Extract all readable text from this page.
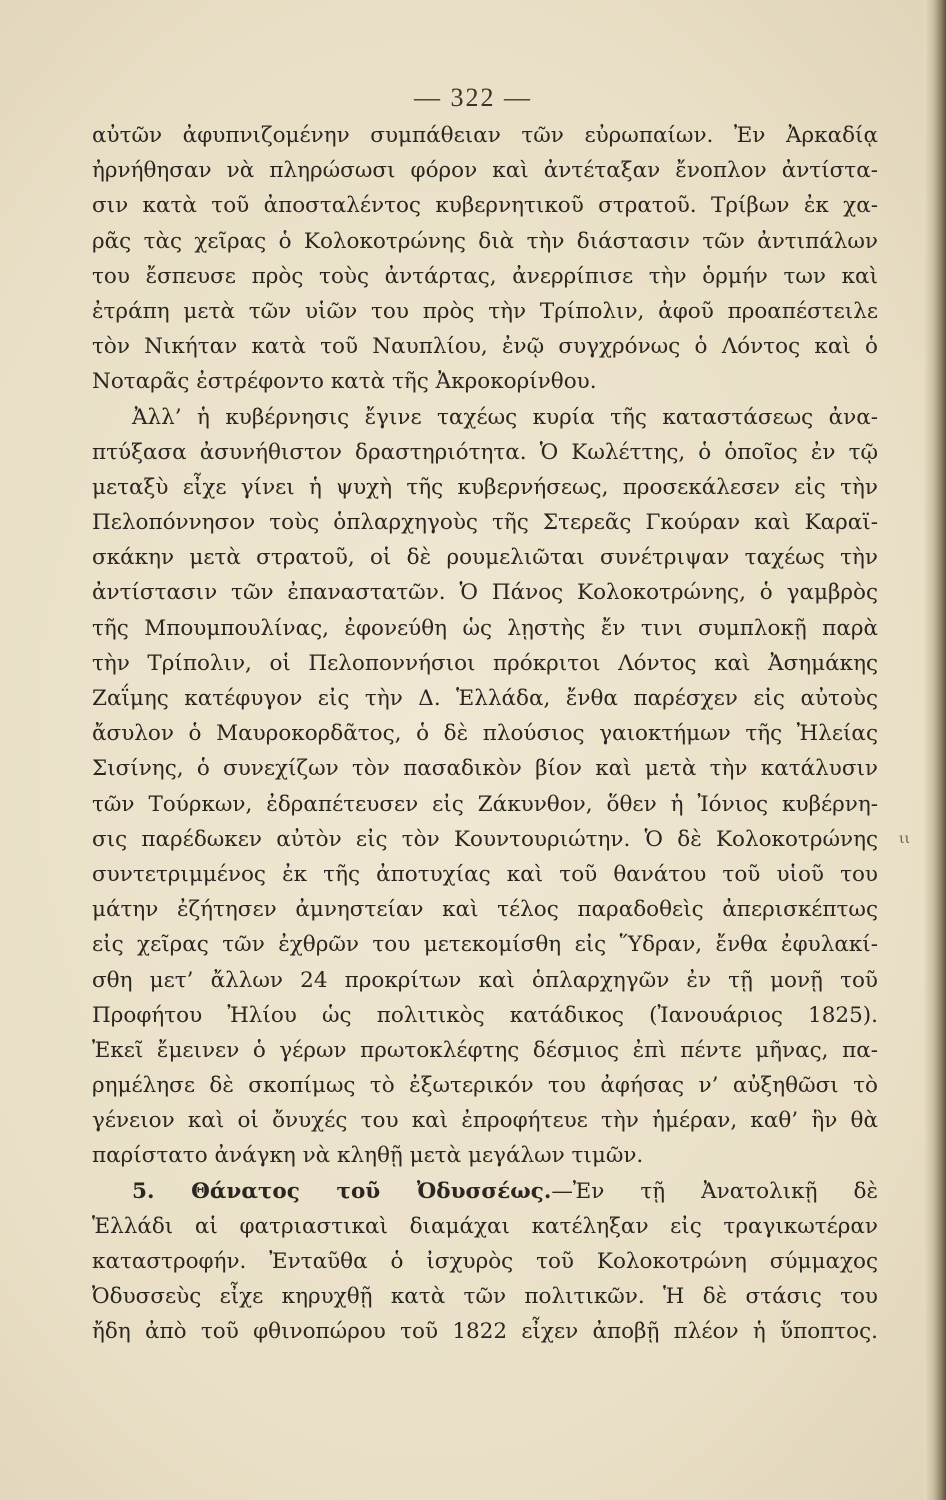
— 322 —
ιι
αὐτῶν ἀφυπνιζομένην συμπάθειαν τῶν εὐρωπαίων. Ἐν Ἀρκαδίᾳ
ἠρνήθησαν νὰ πληρώσωσι φόρον καὶ ἀντέταξαν ἔνοπλον ἀντίστα-
σιν κατὰ τοῦ ἀποσταλέντος κυβερνητικοῦ στρατοῦ. Τρίβων ἐκ χα-
ρᾶς τὰς χεῖρας ὁ Κολοκοτρώνης διὰ τὴν διάστασιν τῶν ἀντιπάλων
του ἔσπευσε πρὸς τοὺς ἀντάρτας, ἀνερρίπισε τὴν ὁρμήν των καὶ
ἐτράπη μετὰ τῶν υἱῶν του πρὸς τὴν Τρίπολιν, ἀφοῦ προαπέστειλε
τὸν Νικήταν κατὰ τοῦ Ναυπλίου, ἐνῷ συγχρόνως ὁ Λόντος καὶ ὁ
Νοταρᾶς ἐστρέφοντο κατὰ τῆς Ἀκροκορίνθου.
Ἀλλ’ ἡ κυβέρνησις ἔγινε ταχέως κυρία τῆς καταστάσεως ἀνα-
πτύξασα ἀσυνήθιστον δραστηριότητα. Ὁ Κωλέττης, ὁ ὁποῖος ἐν τῷ
μεταξὺ εἶχε γίνει ἡ ψυχὴ τῆς κυβερνήσεως, προσεκάλεσεν εἰς τὴν
Πελοπόννησον τοὺς ὁπλαρχηγοὺς τῆς Στερεᾶς Γκούραν καὶ Καραϊ-
σκάκην μετὰ στρατοῦ, οἱ δὲ ρουμελιῶται συνέτριψαν ταχέως τὴν
ἀντίστασιν τῶν ἐπαναστατῶν. Ὁ Πάνος Κολοκοτρώνης, ὁ γαμβρὸς
τῆς Μπουμπουλίνας, ἐφονεύθη ὡς λῃστὴς ἔν τινι συμπλοκῇ παρὰ
τὴν Τρίπολιν, οἱ Πελοποννήσιοι πρόκριτοι Λόντος καὶ Ἀσημάκης
Ζαΐμης κατέφυγον εἰς τὴν Δ. Ἑλλάδα, ἔνθα παρέσχεν εἰς αὐτοὺς
ἄσυλον ὁ Μαυροκορδᾶτος, ὁ δὲ πλούσιος γαιοκτήμων τῆς Ἠλείας
Σισίνης, ὁ συνεχίζων τὸν πασαδικὸν βίον καὶ μετὰ τὴν κατάλυσιν
τῶν Τούρκων, ἐδραπέτευσεν εἰς Ζάκυνθον, ὅθεν ἡ Ἰόνιος κυβέρνη-
σις παρέδωκεν αὐτὸν εἰς τὸν Κουντουριώτην. Ὁ δὲ Κολοκοτρώνης
συντετριμμένος ἐκ τῆς ἀποτυχίας καὶ τοῦ θανάτου τοῦ υἱοῦ του
μάτην ἐζήτησεν ἀμνηστείαν καὶ τέλος παραδοθεὶς ἀπερισκέπτως
εἰς χεῖρας τῶν ἐχθρῶν του μετεκομίσθη εἰς Ὕδραν, ἔνθα ἐφυλακί-
σθη μετ’ ἄλλων 24 προκρίτων καὶ ὁπλαρχηγῶν ἐν τῇ μονῇ τοῦ
Προφήτου Ἠλίου ὡς πολιτικὸς κατάδικος (Ἰανουάριος 1825).
Ἐκεῖ ἔμεινεν ὁ γέρων πρωτοκλέφτης δέσμιος ἐπὶ πέντε μῆνας, πα-
ρημέλησε δὲ σκοπίμως τὸ ἐξωτερικόν του ἀφήσας ν’ αὐξηθῶσι τὸ
γένειον καὶ οἱ ὄνυχές του καὶ ἐπροφήτευε τὴν ἡμέραν, καθ’ ἣν θὰ
παρίστατο ἀνάγκη νὰ κληθῇ μετὰ μεγάλων τιμῶν.
5. Θάνατος τοῦ Ὀδυσσέως.—Ἐν τῇ Ἀνατολικῇ δὲ
Ἑλλάδι αἱ φατριαστικαὶ διαμάχαι κατέληξαν εἰς τραγικωτέραν
καταστροφήν. Ἐνταῦθα ὁ ἰσχυρὸς τοῦ Κολοκοτρώνη σύμμαχος
Ὀδυσσεὺς εἶχε κηρυχθῇ κατὰ τῶν πολιτικῶν. Ἡ δὲ στάσις του
ἤδη ἀπὸ τοῦ φθινοπώρου τοῦ 1822 εἶχεν ἀποβῇ πλέον ἡ ὕποπτος.
